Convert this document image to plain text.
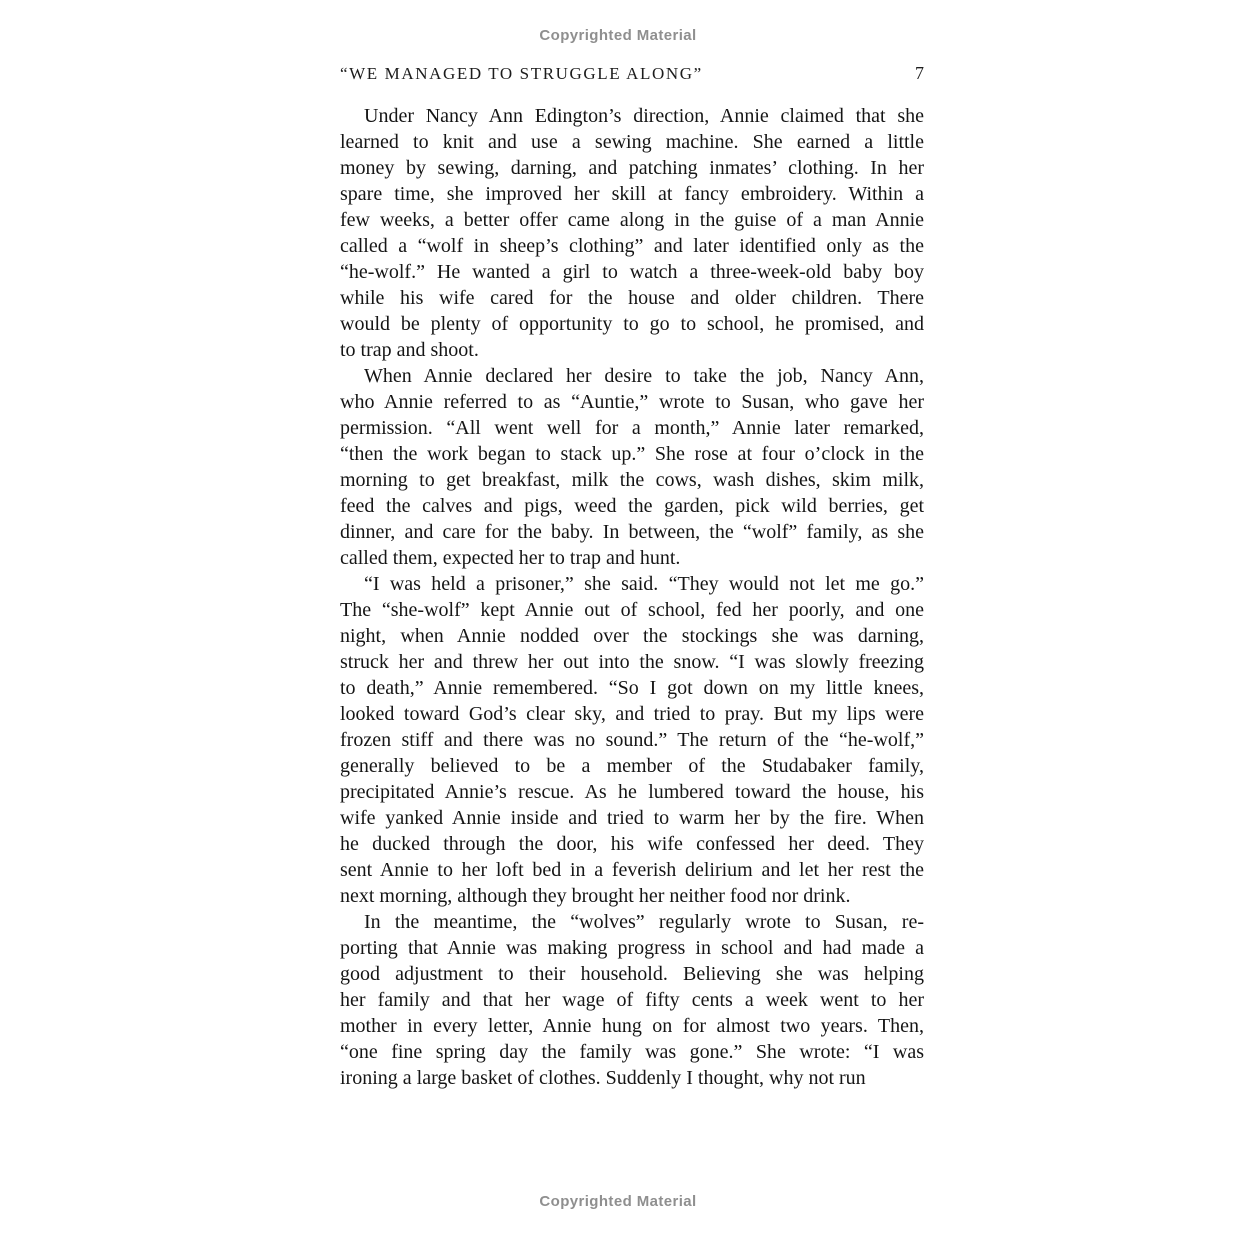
Copyrighted Material
“WE MANAGED TO STRUGGLE ALONG”	7

Under Nancy Ann Edington’s direction, Annie claimed that she
learned to knit and use a sewing machine. She earned a little
money by sewing, darning, and patching inmates’ clothing. In her
spare time, she improved her skill at fancy embroidery. Within a
few weeks, a better offer came along in the guise of a man Annie
called a “wolf in sheep’s clothing” and later identified only as the
“he-wolf.” He wanted a girl to watch a three-week-old baby boy
while his wife cared for the house and older children. There
would be plenty of opportunity to go to school, he promised, and
to trap and shoot.

When Annie declared her desire to take the job, Nancy Ann,
who Annie referred to as “Auntie,” wrote to Susan, who gave her
permission. “All went well for a month,” Annie later remarked,
“then the work began to stack up.” She rose at four o’clock in the
morning to get breakfast, milk the cows, wash dishes, skim milk,
feed the calves and pigs, weed the garden, pick wild berries, get
dinner, and care for the baby. In between, the “wolf” family, as she
called them, expected her to trap and hunt.

“I was held a prisoner,” she said. “They would not let me go.”
The “she-wolf” kept Annie out of school, fed her poorly, and one
night, when Annie nodded over the stockings she was darning,
struck her and threw her out into the snow. “I was slowly freezing
to death,” Annie remembered. “So I got down on my little knees,
looked toward God’s clear sky, and tried to pray. But my lips were
frozen stiff and there was no sound.” The return of the “he-wolf,”
generally believed to be a member of the Studabaker family,
precipitated Annie’s rescue. As he lumbered toward the house, his
wife yanked Annie inside and tried to warm her by the fire. When
he ducked through the door, his wife confessed her deed. They
sent Annie to her loft bed in a feverish delirium and let her rest the
next morning, although they brought her neither food nor drink.

In the meantime, the “wolves” regularly wrote to Susan, re-
porting that Annie was making progress in school and had made a
good adjustment to their household. Believing she was helping
her family and that her wage of fifty cents a week went to her
mother in every letter, Annie hung on for almost two years. Then,
“one fine spring day the family was gone.” She wrote: “I was
ironing a large basket of clothes. Suddenly I thought, why not run

Copyrighted Material
